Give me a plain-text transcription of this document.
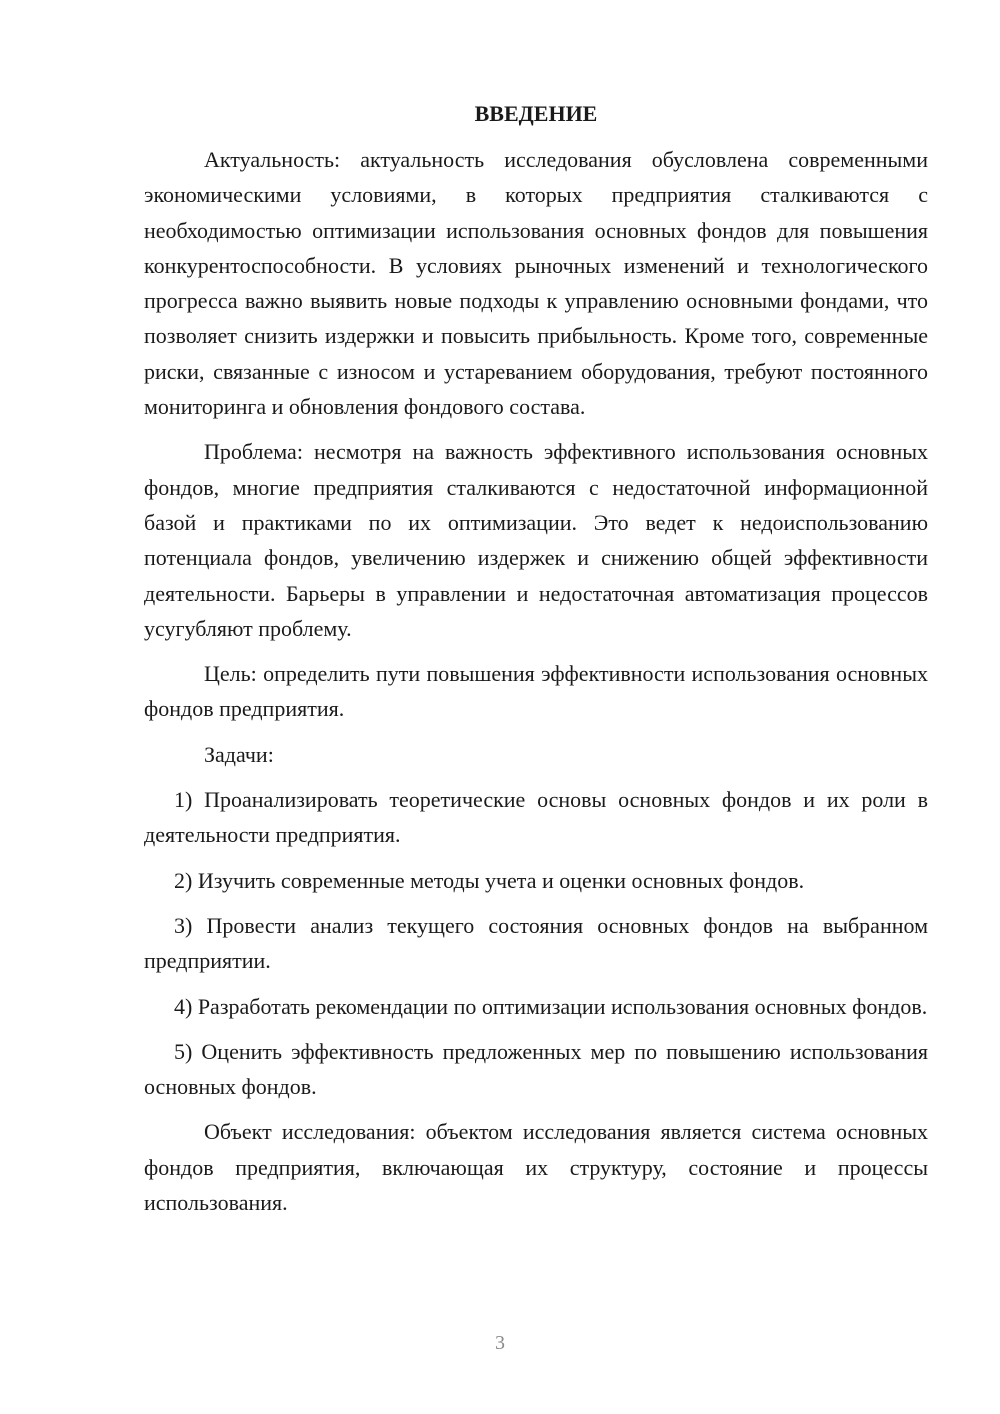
ВВЕДЕНИЕ

Актуальность: актуальность исследования обусловлена современными экономическими условиями, в которых предприятия сталкиваются с необходимостью оптимизации использования основных фондов для повышения конкурентоспособности. В условиях рыночных изменений и технологического прогресса важно выявить новые подходы к управлению основными фондами, что позволяет снизить издержки и повысить прибыльность. Кроме того, современные риски, связанные с износом и устареванием оборудования, требуют постоянного мониторинга и обновления фондового состава.

Проблема: несмотря на важность эффективного использования основных фондов, многие предприятия сталкиваются с недостаточной информационной базой и практиками по их оптимизации. Это ведет к недоиспользованию потенциала фондов, увеличению издержек и снижению общей эффективности деятельности. Барьеры в управлении и недостаточная автоматизация процессов усугубляют проблему.

Цель: определить пути повышения эффективности использования основных фондов предприятия.

Задачи:

1) Проанализировать теоретические основы основных фондов и их роли в деятельности предприятия.

2) Изучить современные методы учета и оценки основных фондов.

3) Провести анализ текущего состояния основных фондов на выбранном предприятии.

4) Разработать рекомендации по оптимизации использования основных фондов.

5) Оценить эффективность предложенных мер по повышению использования основных фондов.

Объект исследования: объектом исследования является система основных фондов предприятия, включающая их структуру, состояние и процессы использования.

3
